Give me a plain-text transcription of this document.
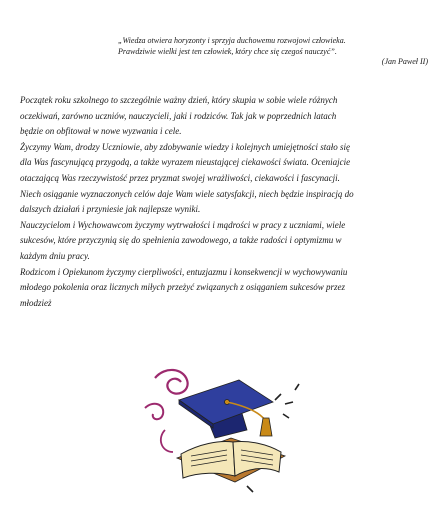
„Wiedza otwiera horyzonty i sprzyja duchowemu rozwojowi człowieka.
Prawdziwie wielki jest ten człowiek, który chce się czegoś nauczyć”.
(Jan Paweł II)
Początek roku szkolnego to szczególnie ważny dzień, który skupia w sobie wiele różnych
oczekiwań, zarówno uczniów, nauczycieli, jaki i rodziców. Tak jak w poprzednich latach
będzie on obfitował w nowe wyzwania i cele.
Życzymy Wam, drodzy Uczniowie, aby zdobywanie wiedzy i kolejnych umiejętności stało się
dla Was fascynującą przygodą, a także wyrazem nieustającej ciekawości świata. Oceniajcie
otaczającą Was rzeczywistość przez pryzmat swojej wrażliwości, ciekawości i fascynacji.
Niech osiąganie wyznaczonych celów daje Wam wiele satysfakcji, niech będzie inspiracją do
dalszych działań i przyniesie jak najlepsze wyniki.
Nauczycielom i Wychowawcom życzymy wytrwałości i mądrości w pracy z uczniami, wiele
sukcesów, które przyczynią się do spełnienia zawodowego, a także radości i optymizmu w
każdym dniu pracy.
Rodzicom i Opiekunom życzymy cierpliwości, entuzjazmu i konsekwencji w wychowywaniu
młodego pokolenia oraz licznych miłych przeżyć związanych z osiąganiem sukcesów przez
młodzież
